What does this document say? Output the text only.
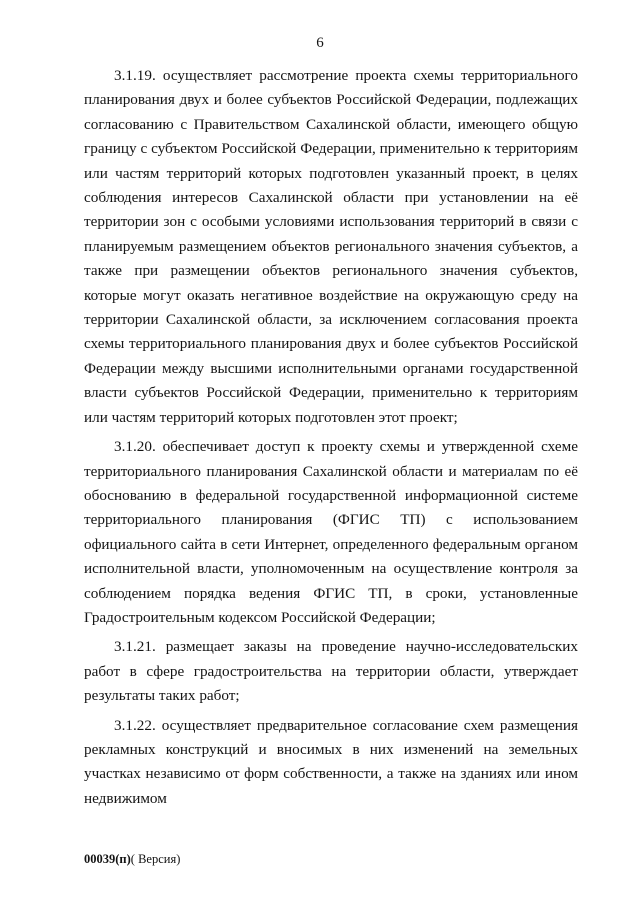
6

3.1.19. осуществляет рассмотрение проекта схемы территориального планирования двух и более субъектов Российской Федерации, подлежащих согласованию с Правительством Сахалинской области, имеющего общую границу с субъектом Российской Федерации, применительно к территориям или частям территорий которых подготовлен указанный проект, в целях соблюдения интересов Сахалинской области при установлении на её территории зон с особыми условиями использования территорий в связи с планируемым размещением объектов регионального значения субъектов, а также при размещении объектов регионального значения субъектов, которые могут оказать негативное воздействие на окружающую среду на территории Сахалинской области, за исключением согласования проекта схемы территориального планирования двух и более субъектов Российской Федерации между высшими исполнительными органами государственной власти субъектов Российской Федерации, применительно к территориям или частям территорий которых подготовлен этот проект;

3.1.20. обеспечивает доступ к проекту схемы и утвержденной схеме территориального планирования Сахалинской области и материалам по её обоснованию в федеральной государственной информационной системе территориального планирования (ФГИС ТП) с использованием официального сайта в сети Интернет, определенного федеральным органом исполнительной власти, уполномоченным на осуществление контроля за соблюдением порядка ведения ФГИС ТП, в сроки, установленные Градостроительным кодексом Российской Федерации;

3.1.21. размещает заказы на проведение научно-исследовательских работ в сфере градостроительства на территории области, утверждает результаты таких работ;

3.1.22. осуществляет предварительное согласование схем размещения рекламных конструкций и вносимых в них изменений на земельных участках независимо от форм собственности, а также на зданиях или ином недвижимом

00039(п)( Версия)
